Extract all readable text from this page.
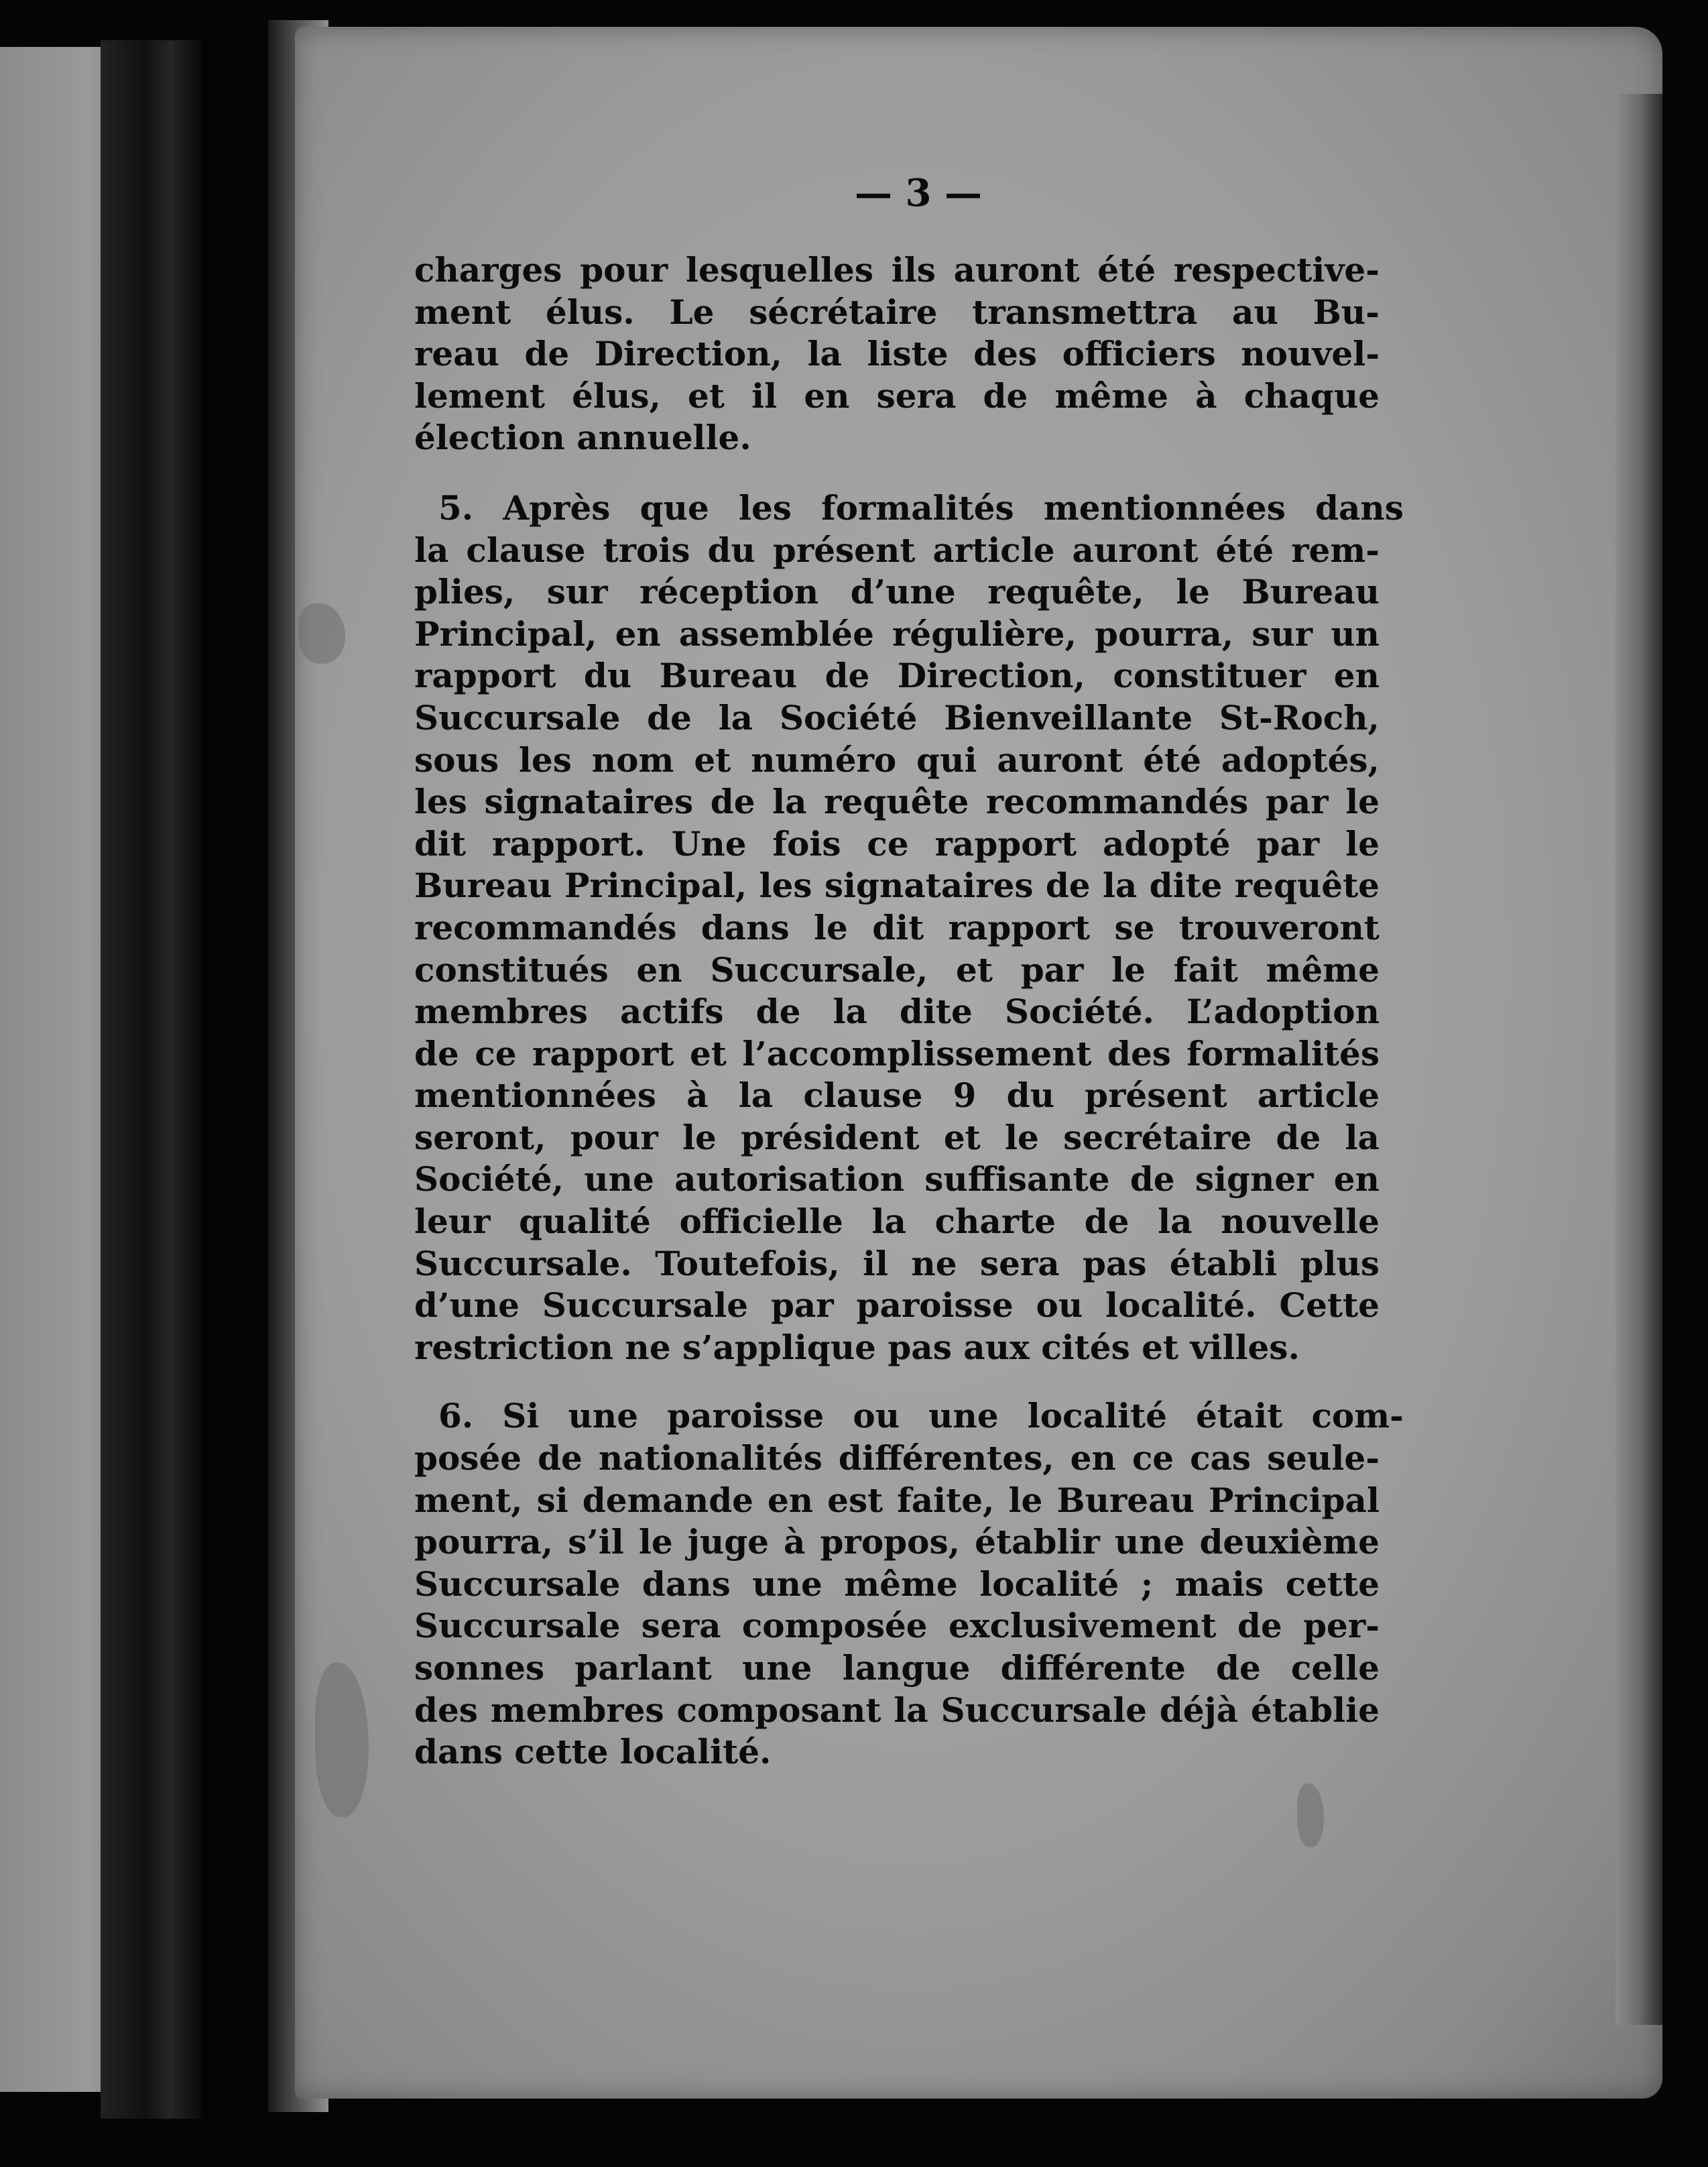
— 3 —
charges pour lesquelles ils auront été respective-
ment élus. Le sécrétaire transmettra au Bu-
reau de Direction, la liste des officiers nouvel-
lement élus, et il en sera de même à chaque
élection annuelle.
5. Après que les formalités mentionnées dans
la clause trois du présent article auront été rem-
plies, sur réception d’une requête, le Bureau
Principal, en assemblée régulière, pourra, sur un
rapport du Bureau de Direction, constituer en
Succursale de la Société Bienveillante St-Roch,
sous les nom et numéro qui auront été adoptés,
les signataires de la requête recommandés par le
dit rapport. Une fois ce rapport adopté par le
Bureau Principal, les signataires de la dite requête
recommandés dans le dit rapport se trouveront
constitués en Succursale, et par le fait même
membres actifs de la dite Société. L’adoption
de ce rapport et l’accomplissement des formalités
mentionnées à la clause 9 du présent article
seront, pour le président et le secrétaire de la
Société, une autorisation suffisante de signer en
leur qualité officielle la charte de la nouvelle
Succursale. Toutefois, il ne sera pas établi plus
d’une Succursale par paroisse ou localité. Cette
restriction ne s’applique pas aux cités et villes.
6. Si une paroisse ou une localité était com-
posée de nationalités différentes, en ce cas seule-
ment, si demande en est faite, le Bureau Principal
pourra, s’il le juge à propos, établir une deuxième
Succursale dans une même localité ; mais cette
Succursale sera composée exclusivement de per-
sonnes parlant une langue différente de celle
des membres composant la Succursale déjà établie
dans cette localité.
